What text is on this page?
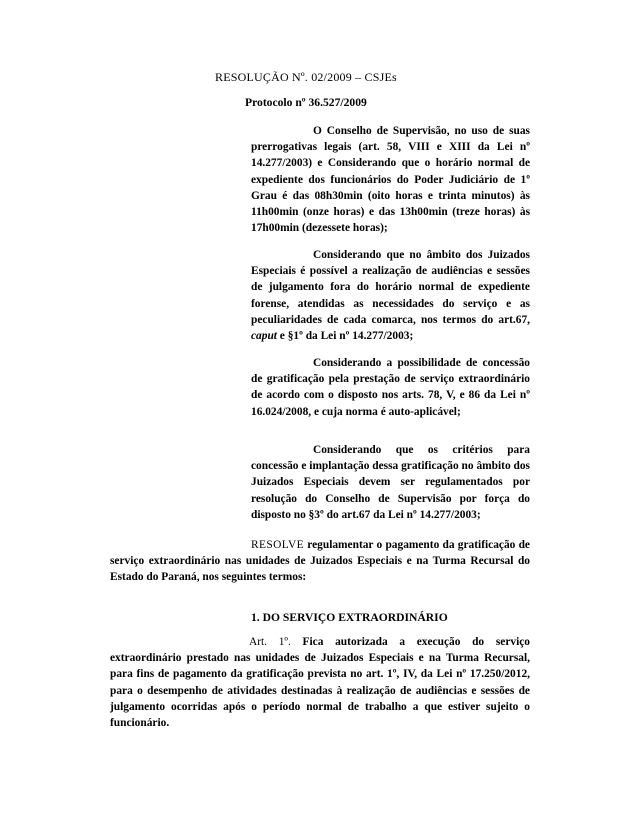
RESOLUÇÃO Nº. 02/2009 – CSJEs
Protocolo nº 36.527/2009
O Conselho de Supervisão, no uso de suas prerrogativas legais (art. 58, VIII e XIII da Lei nº 14.277/2003) e Considerando que o horário normal de expediente dos funcionários do Poder Judiciário de 1º Grau é das 08h30min (oito horas e trinta minutos) às 11h00min (onze horas) e das 13h00min (treze horas) às 17h00min (dezessete horas);
Considerando que no âmbito dos Juizados Especiais é possível a realização de audiências e sessões de julgamento fora do horário normal de expediente forense, atendidas as necessidades do serviço e as peculiaridades de cada comarca, nos termos do art.67, caput e §1º da Lei nº 14.277/2003;
Considerando a possibilidade de concessão de gratificação pela prestação de serviço extraordinário de acordo com o disposto nos arts. 78, V, e 86 da Lei nº 16.024/2008, e cuja norma é auto-aplicável;
Considerando que os critérios para concessão e implantação dessa gratificação no âmbito dos Juizados Especiais devem ser regulamentados por resolução do Conselho de Supervisão por força do disposto no §3º do art.67 da Lei nº 14.277/2003;
RESOLVE regulamentar o pagamento da gratificação de serviço extraordinário nas unidades de Juizados Especiais e na Turma Recursal do Estado do Paraná, nos seguintes termos:
1. DO SERVIÇO EXTRAORDINÁRIO
Art. 1º. Fica autorizada a execução do serviço extraordinário prestado nas unidades de Juizados Especiais e na Turma Recursal, para fins de pagamento da gratificação prevista no art. 1º, IV, da Lei nº 17.250/2012, para o desempenho de atividades destinadas à realização de audiências e sessões de julgamento ocorridas após o período normal de trabalho a que estiver sujeito o funcionário.
